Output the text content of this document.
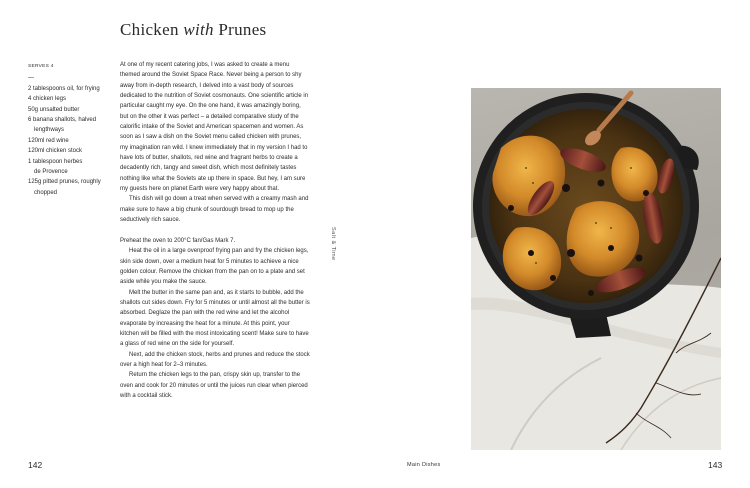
Chicken with Prunes
SERVES 4
—
2 tablespoons oil, for frying
4 chicken legs
50g unsalted butter
6 banana shallots, halved
lengthways
120ml red wine
120ml chicken stock
1 tablespoon herbes
de Provence
125g pitted prunes, roughly
chopped

At one of my recent catering jobs, I was asked to create a menu themed around the Soviet Space Race. Never being a person to shy away from in-depth research, I delved into a vast body of sources dedicated to the nutrition of Soviet cosmonauts. One scientific article in particular caught my eye. On the one hand, it was amazingly boring, but on the other it was perfect – a detailed comparative study of the calorific intake of the Soviet and American spacemen and women. As soon as I saw a dish on the Soviet menu called chicken with prunes, my imagination ran wild. I knew immediately that in my version I had to have lots of butter, shallots, red wine and fragrant herbs to create a decadently rich, tangy and sweet dish, which most definitely tastes nothing like what the Soviets ate up there in space. But hey, I am sure my guests here on planet Earth were very happy about that.

This dish will go down a treat when served with a creamy mash and make sure to have a big chunk of sourdough bread to mop up the seductively rich sauce.

Preheat the oven to 200°C fan/Gas Mark 7.

Heat the oil in a large ovenproof frying pan and fry the chicken legs, skin side down, over a medium heat for 5 minutes to achieve a nice golden colour. Remove the chicken from the pan on to a plate and set aside while you make the sauce.

Melt the butter in the same pan and, as it starts to bubble, add the shallots cut sides down. Fry for 5 minutes or until almost all the butter is absorbed. Deglaze the pan with the red wine and let the alcohol evaporate by increasing the heat for a minute. At this point, your kitchen will be filled with the most intoxicating scent! Make sure to have a glass of red wine on the side for yourself.

Next, add the chicken stock, herbs and prunes and reduce the stock over a high heat for 2–3 minutes.

Return the chicken legs to the pan, crispy skin up, transfer to the oven and cook for 20 minutes or until the juices run clear when pierced with a cocktail stick.

Salt & Time
142	Main Dishes	143
